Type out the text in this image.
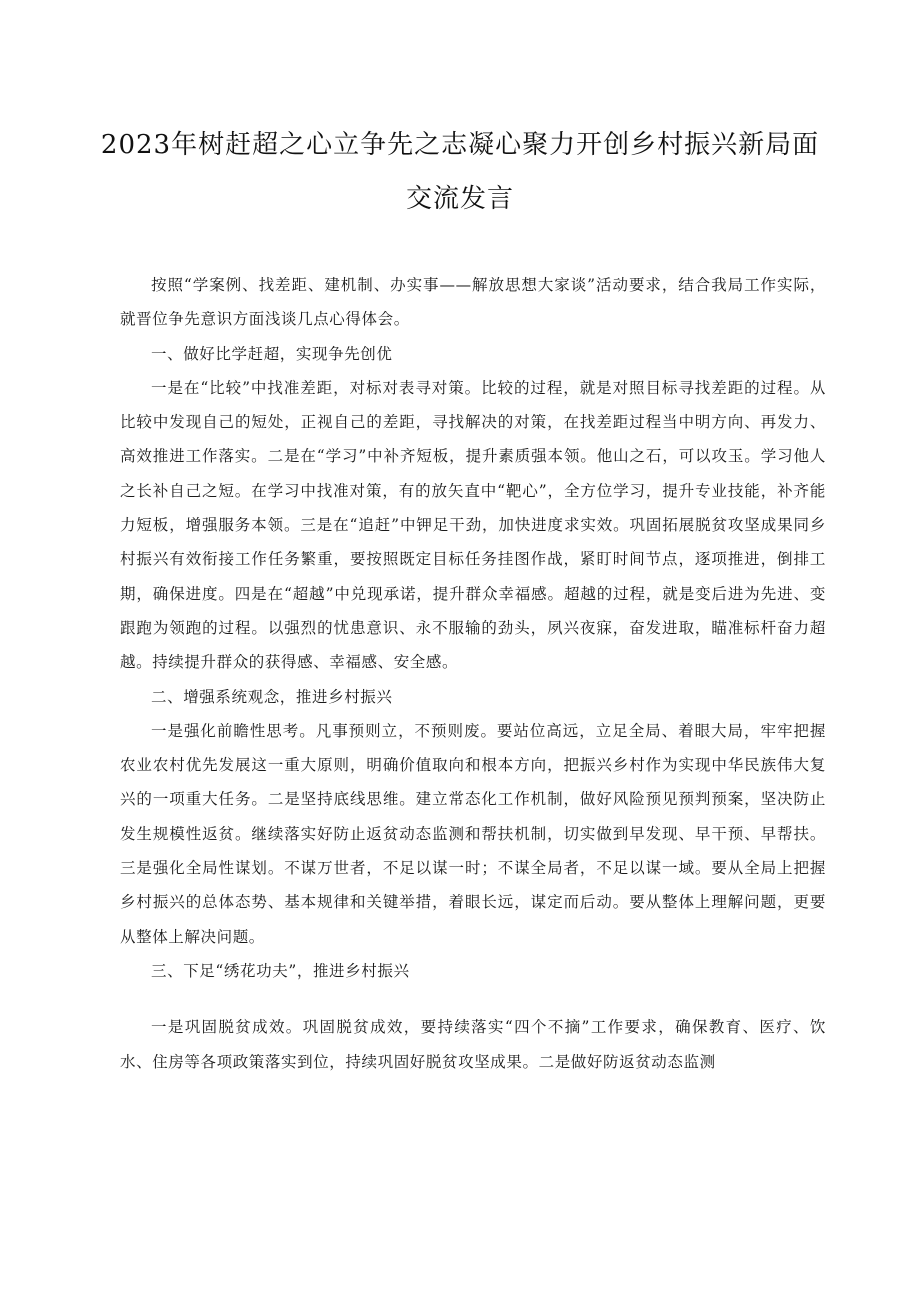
2023年树赶超之心立争先之志凝心聚力开创乡村振兴新局面交流发言

按照“学案例、找差距、建机制、办实事——解放思想大家谈”活动要求，结合我局工作实际，就晋位争先意识方面浅谈几点心得体会。

一、做好比学赶超，实现争先创优

一是在“比较”中找准差距，对标对表寻对策。比较的过程，就是对照目标寻找差距的过程。从比较中发现自己的短处，正视自己的差距，寻找解决的对策，在找差距过程当中明方向、再发力、高效推进工作落实。二是在“学习”中补齐短板，提升素质强本领。他山之石，可以攻玉。学习他人之长补自己之短。在学习中找准对策，有的放矢直中“靶心”，全方位学习，提升专业技能，补齐能力短板，增强服务本领。三是在“追赶”中钾足干劲，加快进度求实效。巩固拓展脱贫攻坚成果同乡村振兴有效衔接工作任务繁重，要按照既定目标任务挂图作战，紧盯时间节点，逐项推进，倒排工期，确保进度。四是在“超越”中兑现承诺，提升群众幸福感。超越的过程，就是变后进为先进、变跟跑为领跑的过程。以强烈的忧患意识、永不服输的劲头，夙兴夜寐，奋发进取，瞄准标杆奋力超越。持续提升群众的获得感、幸福感、安全感。

二、增强系统观念，推进乡村振兴

一是强化前瞻性思考。凡事预则立，不预则废。要站位高远，立足全局、着眼大局，牢牢把握农业农村优先发展这一重大原则，明确价值取向和根本方向，把振兴乡村作为实现中华民族伟大复兴的一项重大任务。二是坚持底线思维。建立常态化工作机制，做好风险预见预判预案，坚决防止发生规模性返贫。继续落实好防止返贫动态监测和帮扶机制，切实做到早发现、早干预、早帮扶。三是强化全局性谋划。不谋万世者，不足以谋一时；不谋全局者，不足以谋一域。要从全局上把握乡村振兴的总体态势、基本规律和关键举措，着眼长远，谋定而后动。要从整体上理解问题，更要从整体上解决问题。

三、下足“绣花功夫”，推进乡村振兴

一是巩固脱贫成效。巩固脱贫成效，要持续落实“四个不摘”工作要求，确保教育、医疗、饮水、住房等各项政策落实到位，持续巩固好脱贫攻坚成果。二是做好防返贫动态监测
